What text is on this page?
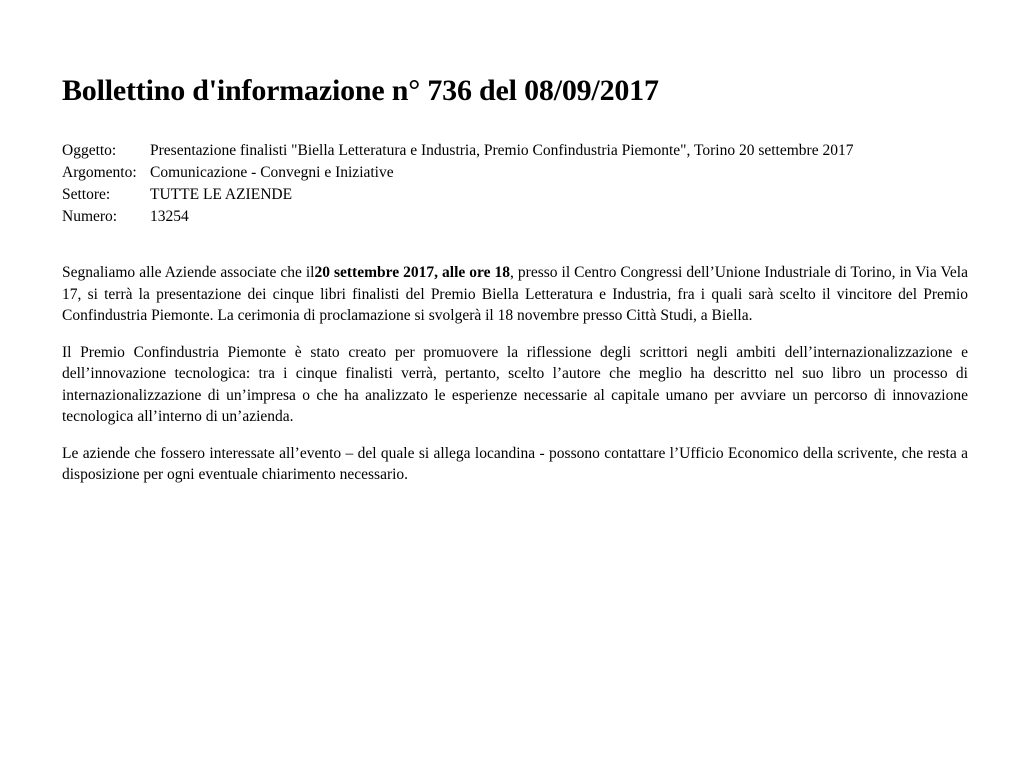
Bollettino d'informazione n° 736 del 08/09/2017
Oggetto:	Presentazione finalisti "Biella Letteratura e Industria, Premio Confindustria Piemonte", Torino 20 settembre 2017
Argomento: Comunicazione - Convegni e Iniziative
Settore:	TUTTE LE AZIENDE
Numero:	13254

Segnaliamo alle Aziende associate che il20 settembre 2017, alle ore 18, presso il Centro Congressi dell’Unione Industriale di Torino, in Via Vela 17, si terrà la presentazione dei cinque libri finalisti del Premio Biella Letteratura e Industria, fra i quali sarà scelto il vincitore del Premio Confindustria Piemonte. La cerimonia di proclamazione si svolgerà il 18 novembre presso Città Studi, a Biella.

Il Premio Confindustria Piemonte è stato creato per promuovere la riflessione degli scrittori negli ambiti dell’internazionalizzazione e dell’innovazione tecnologica: tra i cinque finalisti verrà, pertanto, scelto l’autore che meglio ha descritto nel suo libro un processo di internazionalizzazione di un’impresa o che ha analizzato le esperienze necessarie al capitale umano per avviare un percorso di innovazione tecnologica all’interno di un’azienda.

Le aziende che fossero interessate all’evento – del quale si allega locandina - possono contattare l’Ufficio Economico della scrivente, che resta a disposizione per ogni eventuale chiarimento necessario.
